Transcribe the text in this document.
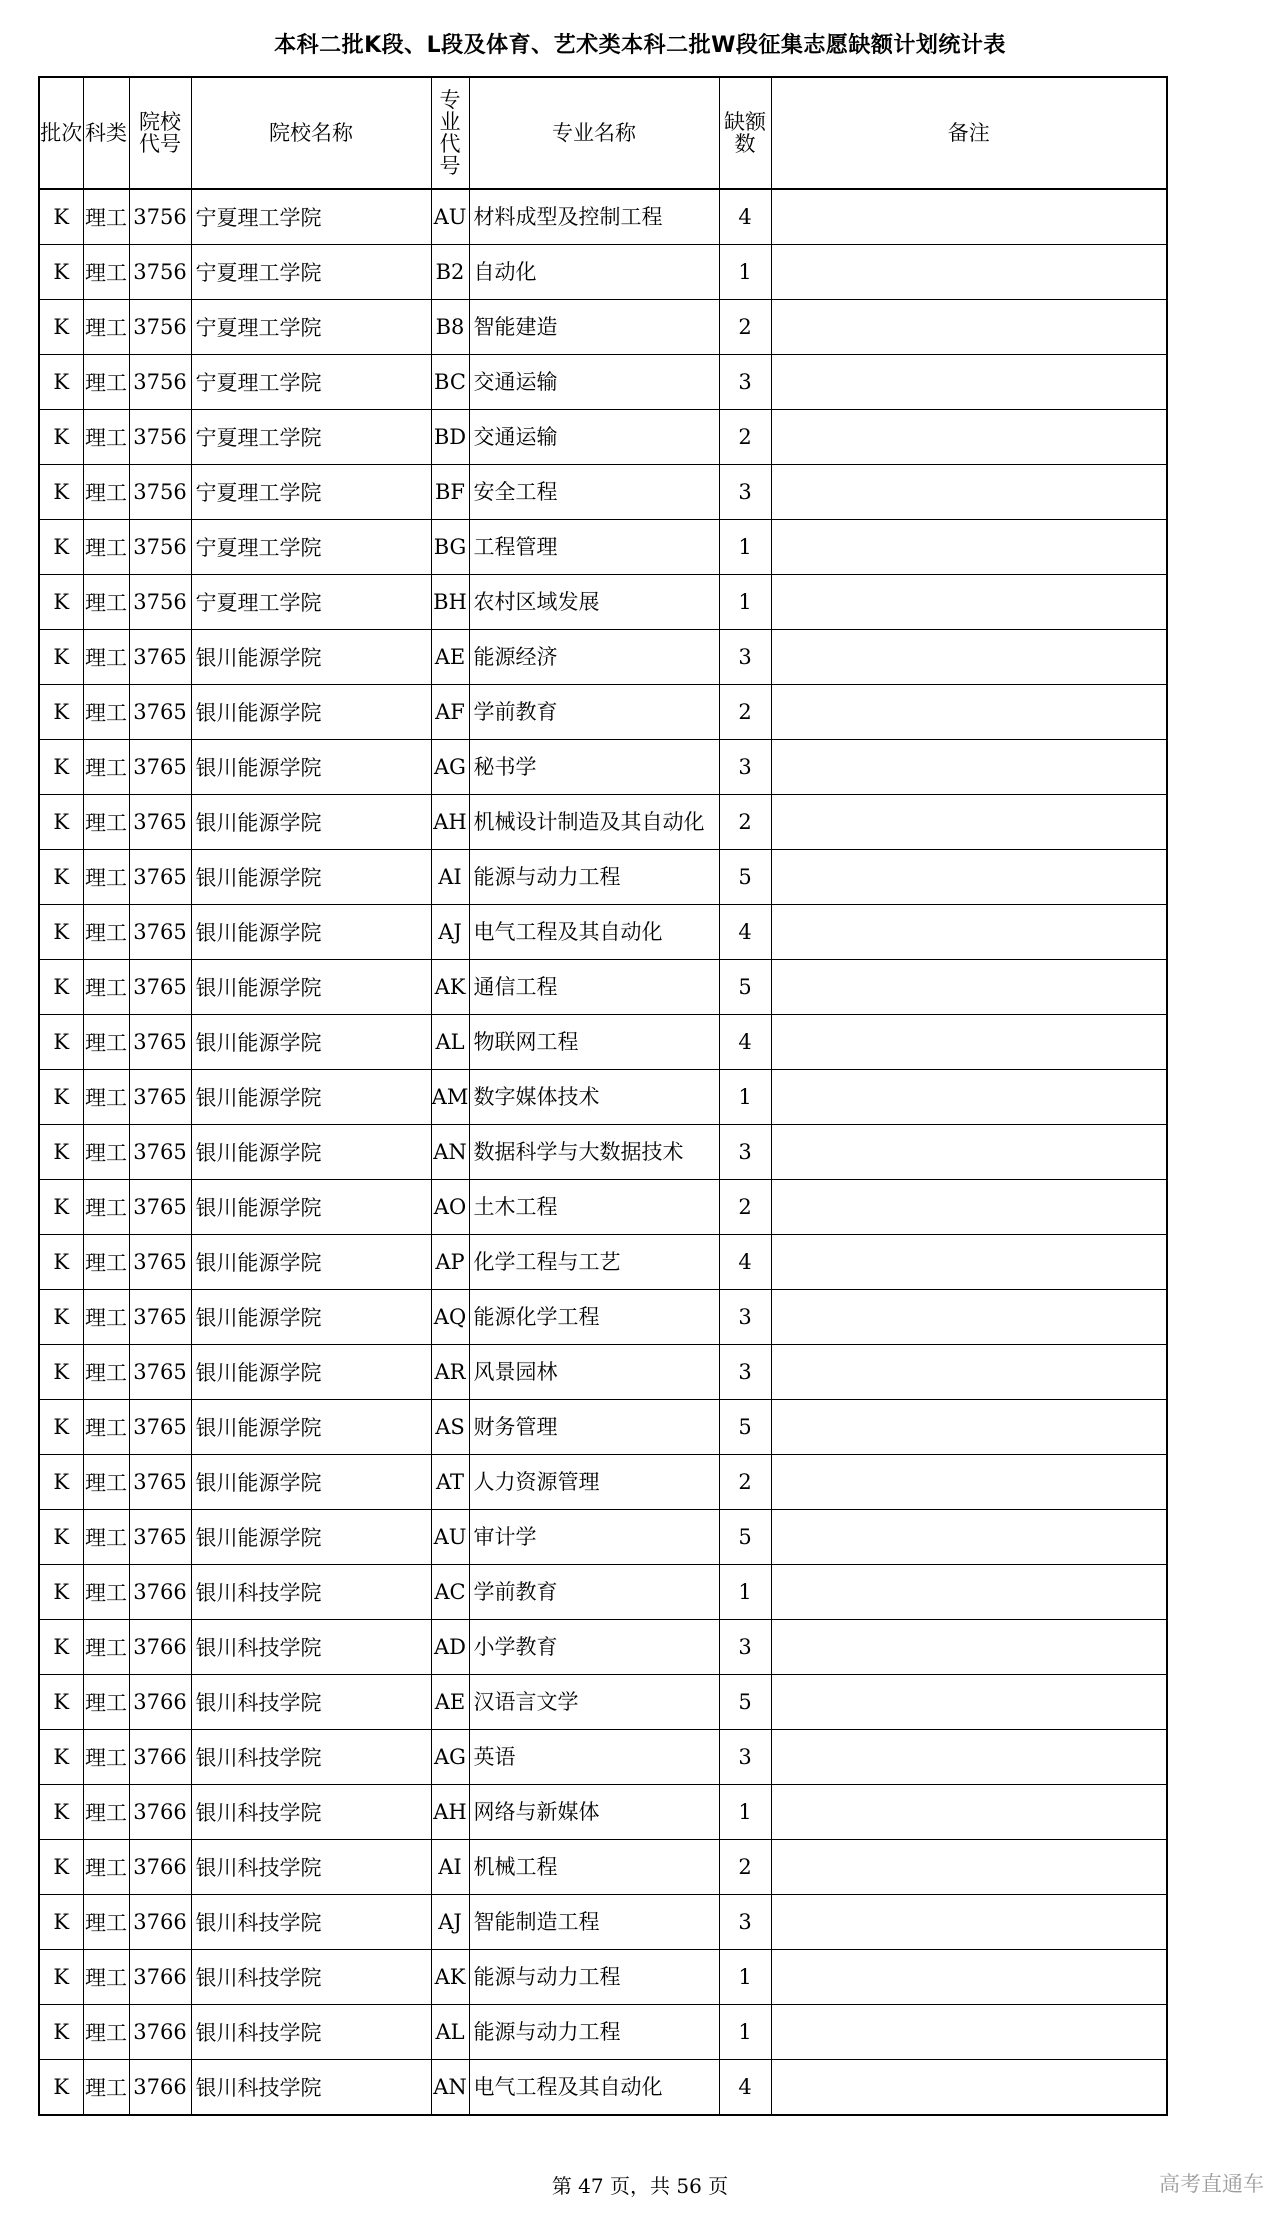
本科二批K段、L段及体育、艺术类本科二批W段征集志愿缺额计划统计表
批次	科类	院校代号	院校名称	专业代号	专业名称	缺额数	备注
K	理工	3756	宁夏理工学院	AU	材料成型及控制工程	4	
K	理工	3756	宁夏理工学院	B2	自动化	1	
K	理工	3756	宁夏理工学院	B8	智能建造	2	
K	理工	3756	宁夏理工学院	BC	交通运输	3	
K	理工	3756	宁夏理工学院	BD	交通运输	2	
K	理工	3756	宁夏理工学院	BF	安全工程	3	
K	理工	3756	宁夏理工学院	BG	工程管理	1	
K	理工	3756	宁夏理工学院	BH	农村区域发展	1	
K	理工	3765	银川能源学院	AE	能源经济	3	
K	理工	3765	银川能源学院	AF	学前教育	2	
K	理工	3765	银川能源学院	AG	秘书学	3	
K	理工	3765	银川能源学院	AH	机械设计制造及其自动化	2	
K	理工	3765	银川能源学院	AI	能源与动力工程	5	
K	理工	3765	银川能源学院	AJ	电气工程及其自动化	4	
K	理工	3765	银川能源学院	AK	通信工程	5	
K	理工	3765	银川能源学院	AL	物联网工程	4	
K	理工	3765	银川能源学院	AM	数字媒体技术	1	
K	理工	3765	银川能源学院	AN	数据科学与大数据技术	3	
K	理工	3765	银川能源学院	AO	土木工程	2	
K	理工	3765	银川能源学院	AP	化学工程与工艺	4	
K	理工	3765	银川能源学院	AQ	能源化学工程	3	
K	理工	3765	银川能源学院	AR	风景园林	3	
K	理工	3765	银川能源学院	AS	财务管理	5	
K	理工	3765	银川能源学院	AT	人力资源管理	2	
K	理工	3765	银川能源学院	AU	审计学	5	
K	理工	3766	银川科技学院	AC	学前教育	1	
K	理工	3766	银川科技学院	AD	小学教育	3	
K	理工	3766	银川科技学院	AE	汉语言文学	5	
K	理工	3766	银川科技学院	AG	英语	3	
K	理工	3766	银川科技学院	AH	网络与新媒体	1	
K	理工	3766	银川科技学院	AI	机械工程	2	
K	理工	3766	银川科技学院	AJ	智能制造工程	3	
K	理工	3766	银川科技学院	AK	能源与动力工程	1	
K	理工	3766	银川科技学院	AL	能源与动力工程	1	
K	理工	3766	银川科技学院	AN	电气工程及其自动化	4	
第 47 页，共 56 页	高考直通车
